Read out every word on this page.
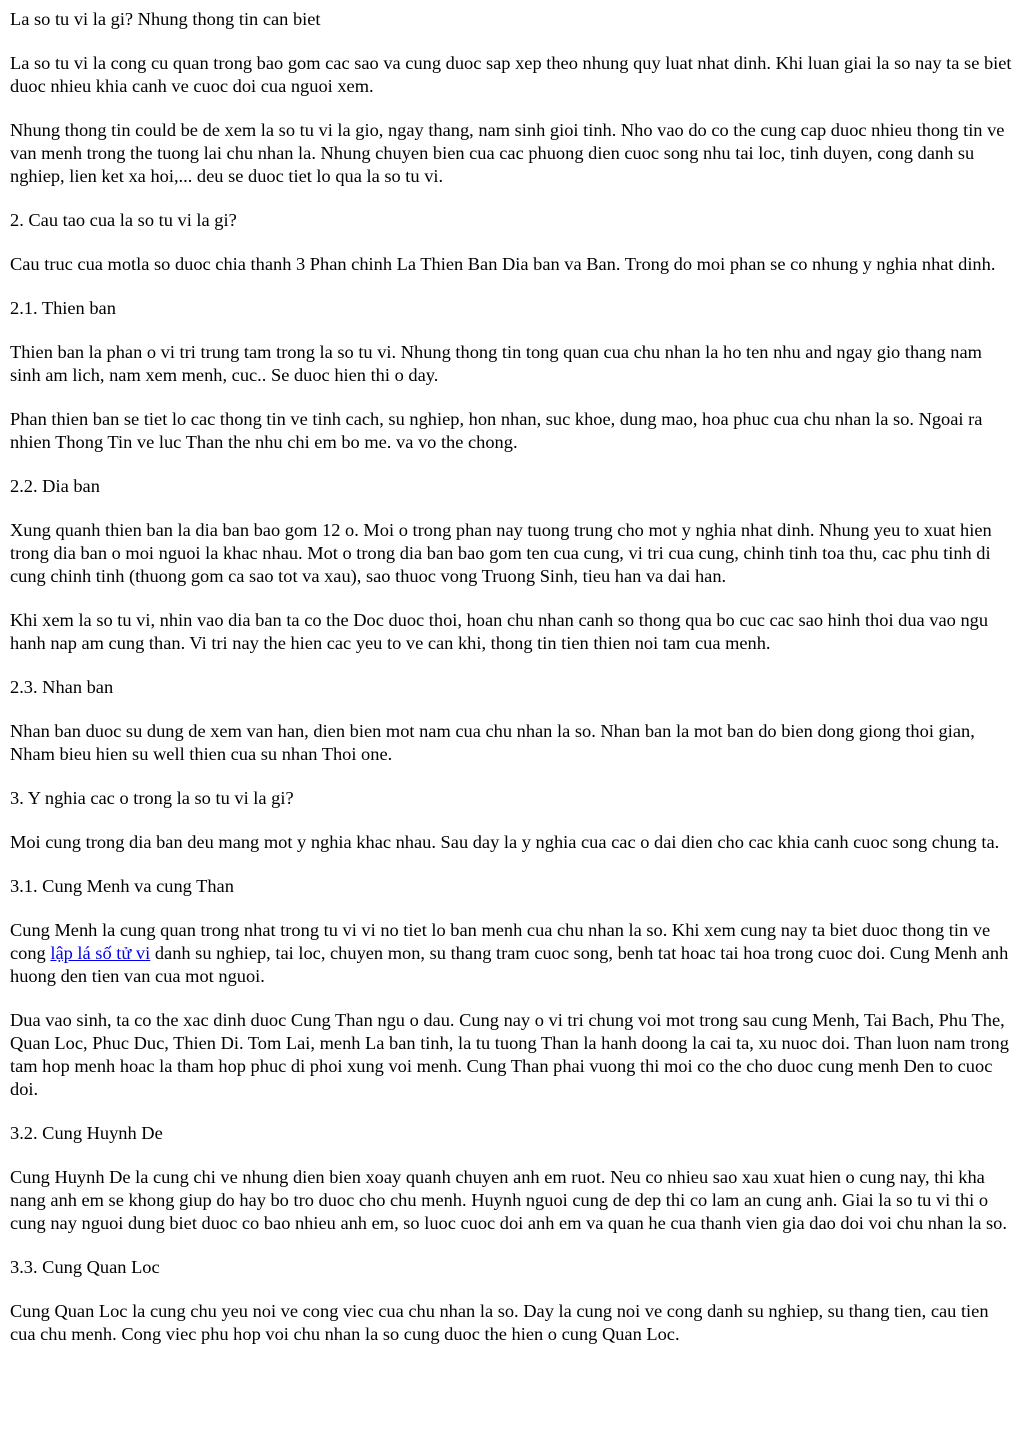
La so tu vi la gi? Nhung thong tin can biet

La so tu vi la cong cu quan trong bao gom cac sao va cung duoc sap xep theo nhung quy luat nhat dinh. Khi luan giai la so nay ta se biet duoc nhieu khia canh ve cuoc doi cua nguoi xem.

Nhung thong tin could be de xem la so tu vi la gio, ngay thang, nam sinh gioi tinh. Nho vao do co the cung cap duoc nhieu thong tin ve van menh trong the tuong lai chu nhan la. Nhung chuyen bien cua cac phuong dien cuoc song nhu tai loc, tinh duyen, cong danh su nghiep, lien ket xa hoi,... deu se duoc tiet lo qua la so tu vi.

2. Cau tao cua la so tu vi la gi?

Cau truc cua motla so duoc chia thanh 3 Phan chinh La Thien Ban Dia ban va Ban. Trong do moi phan se co nhung y nghia nhat dinh.

2.1. Thien ban

Thien ban la phan o vi tri trung tam trong la so tu vi. Nhung thong tin tong quan cua chu nhan la ho ten nhu and ngay gio thang nam sinh am lich, nam xem menh, cuc.. Se duoc hien thi o day.

Phan thien ban se tiet lo cac thong tin ve tinh cach, su nghiep, hon nhan, suc khoe, dung mao, hoa phuc cua chu nhan la so. Ngoai ra nhien Thong Tin ve luc Than the nhu chi em bo me. va vo the chong.

2.2. Dia ban

Xung quanh thien ban la dia ban bao gom 12 o. Moi o trong phan nay tuong trung cho mot y nghia nhat dinh. Nhung yeu to xuat hien trong dia ban o moi nguoi la khac nhau. Mot o trong dia ban bao gom ten cua cung, vi tri cua cung, chinh tinh toa thu, cac phu tinh di cung chinh tinh (thuong gom ca sao tot va xau), sao thuoc vong Truong Sinh, tieu han va dai han.

Khi xem la so tu vi, nhin vao dia ban ta co the Doc duoc thoi, hoan chu nhan canh so thong qua bo cuc cac sao hinh thoi dua vao ngu hanh nap am cung than. Vi tri nay the hien cac yeu to ve can khi, thong tin tien thien noi tam cua menh.

2.3. Nhan ban

Nhan ban duoc su dung de xem van han, dien bien mot nam cua chu nhan la so. Nhan ban la mot ban do bien dong giong thoi gian, Nham bieu hien su well thien cua su nhan Thoi one.

3. Y nghia cac o trong la so tu vi la gi?

Moi cung trong dia ban deu mang mot y nghia khac nhau. Sau day la y nghia cua cac o dai dien cho cac khia canh cuoc song chung ta.

3.1. Cung Menh va cung Than

Cung Menh la cung quan trong nhat trong tu vi vi no tiet lo ban menh cua chu nhan la so. Khi xem cung nay ta biet duoc thong tin ve cong lập lá số tử vi danh su nghiep, tai loc, chuyen mon, su thang tram cuoc song, benh tat hoac tai hoa trong cuoc doi. Cung Menh anh huong den tien van cua mot nguoi.

Dua vao sinh, ta co the xac dinh duoc Cung Than ngu o dau. Cung nay o vi tri chung voi mot trong sau cung Menh, Tai Bach, Phu The, Quan Loc, Phuc Duc, Thien Di. Tom Lai, menh La ban tinh, la tu tuong Than la hanh doong la cai ta, xu nuoc doi. Than luon nam trong tam hop menh hoac la tham hop phuc di phoi xung voi menh. Cung Than phai vuong thi moi co the cho duoc cung menh Den to cuoc doi.

3.2. Cung Huynh De

Cung Huynh De la cung chi ve nhung dien bien xoay quanh chuyen anh em ruot. Neu co nhieu sao xau xuat hien o cung nay, thi kha nang anh em se khong giup do hay bo tro duoc cho chu menh. Huynh nguoi cung de dep thi co lam an cung anh. Giai la so tu vi thi o cung nay nguoi dung biet duoc co bao nhieu anh em, so luoc cuoc doi anh em va quan he cua thanh vien gia dao doi voi chu nhan la so.

3.3. Cung Quan Loc

Cung Quan Loc la cung chu yeu noi ve cong viec cua chu nhan la so. Day la cung noi ve cong danh su nghiep, su thang tien, cau tien cua chu menh. Cong viec phu hop voi chu nhan la so cung duoc the hien o cung Quan Loc.
